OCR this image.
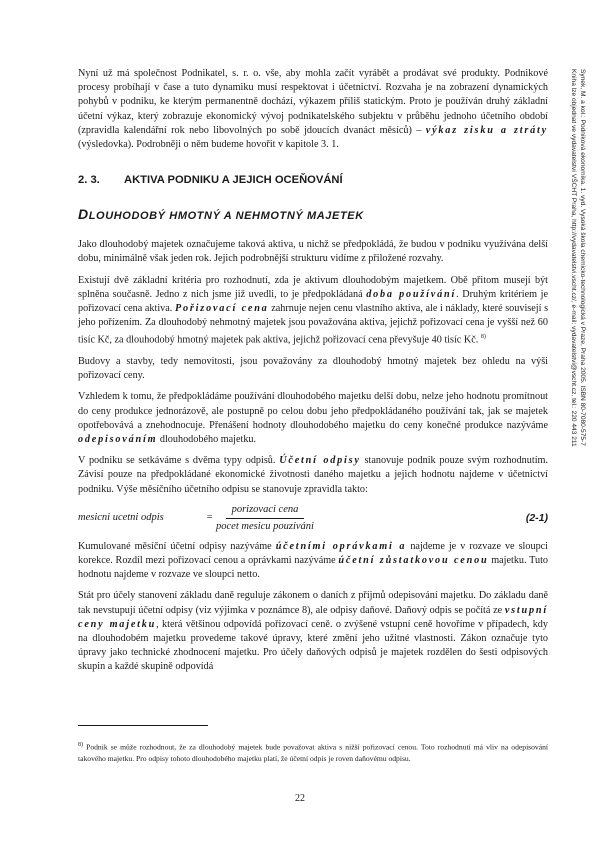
Nyní už má společnost Podnikatel, s. r. o. vše, aby mohla začít vyrábět a prodávat své produkty. Podnikové procesy probíhají v čase a tuto dynamiku musí respektovat i účetnictví. Rozvaha je na zobrazení dynamických pohybů v podniku, ke kterým permanentně dochází, výkazem příliš statickým. Proto je používán druhý základní účetní výkaz, který zobrazuje ekonomický vývoj podnikatelského subjektu v průběhu jednoho účetního období (zpravidla kalendářní rok nebo libovolných po sobě jdoucích dvanáct měsíců) – výkaz zisku a ztráty (výsledovka). Podrobněji o něm budeme hovořit v kapitole 3. 1.

2. 3.	AKTIVA PODNIKU A JEJICH OCEŇOVÁNÍ
DLOUHODOBÝ HMOTNÝ A NEHMOTNÝ MAJETEK

Jako dlouhodobý majetek označujeme taková aktiva, u nichž se předpokládá, že budou v podniku využívána delší dobu, minimálně však jeden rok. Jejich podrobnější strukturu vidíme z přiložené rozvahy.

Existují dvě základní kritéria pro rozhodnutí, zda je aktivum dlouhodobým majetkem. Obě přitom musejí být splněna současně. Jedno z nich jsme již uvedli, to je předpokládaná doba používání. Druhým kritériem je pořizovací cena aktiva. Pořizovací cena zahrnuje nejen cenu vlastního aktiva, ale i náklady, které souvisejí s jeho pořízením. Za dlouhodobý nehmotný majetek jsou považována aktiva, jejichž pořizovací cena je vyšší než 60 tisíc Kč, za dlouhodobý hmotný majetek pak aktiva, jejichž pořizovací cena převyšuje 40 tisíc Kč. $^{8)}$

Budovy a stavby, tedy nemovitosti, jsou považovány za dlouhodobý hmotný majetek bez ohledu na výši pořizovací ceny.

Vzhledem k tomu, že předpokládáme používání dlouhodobého majetku delší dobu, nelze jeho hodnotu promítnout do ceny produkce jednorázově, ale postupně po celou dobu jeho předpokládaného používání tak, jak se majetek opotřebovává a znehodnocuje. Přenášení hodnoty dlouhodobého majetku do ceny konečné produkce nazýváme odepisováním dlouhodobého majetku.

V podniku se setkáváme s dvěma typy odpisů. Účetní odpisy stanovuje podnik pouze svým rozhodnutím. Závisí pouze na předpokládané ekonomické životnosti daného majetku a jejich hodnotu najdeme v účetnictví podniku. Výše měsíčního účetního odpisu se stanovuje zpravidla takto:

mesicni ucetni odpis	= $\frac{\text{porizovaci cena}}{\text{pocet mesicu pouziváni}}$	(2-1)

Kumulované měsíční účetní odpisy nazýváme účetními oprávkami a najdeme je v rozvaze ve sloupci korekce. Rozdíl mezi pořizovací cenou a oprávkami nazýváme účetní zůstatkovou cenou majetku. Tuto hodnotu najdeme v rozvaze ve sloupci netto.

Stát pro účely stanovení základu daně reguluje zákonem o daních z příjmů odepisování majetku. Do základu daně tak nevstupují účetní odpisy (viz výjimka v poznámce 8), ale odpisy daňové. Daňový odpis se počítá ze vstupní ceny majetku, která většinou odpovídá pořizovací ceně. o zvýšené vstupní ceně hovoříme v případech, kdy na dlouhodobém majetku provedeme takové úpravy, které změní jeho užitné vlastnosti. Zákon označuje tyto úpravy jako technické zhodnocení majetku. Pro účely daňových odpisů je majetek rozdělen do šesti odpisových skupin a každé skupině odpovídá

$^{8)}$ Podnik se může rozhodnout, že za dlouhodobý majetek bude považovat aktiva s nižší pořizovací cenou. Toto rozhodnutí má vliv na odepisování takového majetku. Pro odpisy tohoto dlouhodobého majetku platí, že účetní odpis je roven daňovému odpisu.
22
Synek, M. a kol.: Podniková ekonomika. 1. vyd. Vysoká škola chemicko-technologická v Praze, Praha 2005. ISBN 80-7080-575-7
Kniha lze objednat ve vydavatelství VŠCHT Praha, http://vydavatelstvi.vscht.cz/, e-mail: vydavatelstvi@vscht.cz, tel.: 220 443 211
